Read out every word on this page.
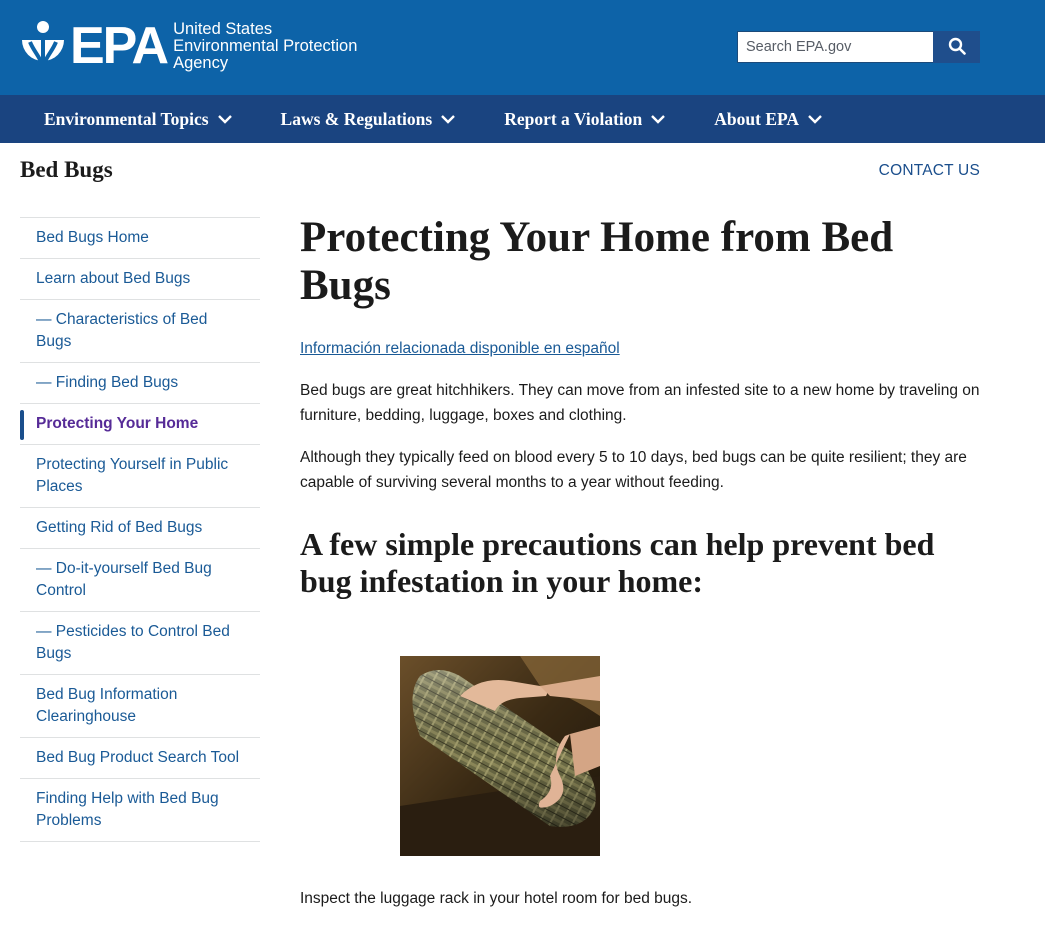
EPA United States
Environmental Protection
Agency
Search EPA.gov
Environmental Topics	Laws & Regulations	Report a Violation	About EPA
Bed Bugs	CONTACT US
Bed Bugs Home
Learn about Bed Bugs
— Characteristics of Bed Bugs
— Finding Bed Bugs
Protecting Your Home
Protecting Yourself in Public Places
Getting Rid of Bed Bugs
— Do-it-yourself Bed Bug Control
— Pesticides to Control Bed Bugs
Bed Bug Information Clearinghouse
Bed Bug Product Search Tool
Finding Help with Bed Bug Problems
Protecting Your Home from Bed Bugs
Información relacionada disponible en español

Bed bugs are great hitchhikers. They can move from an infested site to a new home by traveling on furniture, bedding, luggage, boxes and clothing.

Although they typically feed on blood every 5 to 10 days, bed bugs can be quite resilient; they are capable of surviving several months to a year without feeding.

A few simple precautions can help prevent bed bug infestation in your home:
Inspect the luggage rack in your hotel room for bed bugs.
